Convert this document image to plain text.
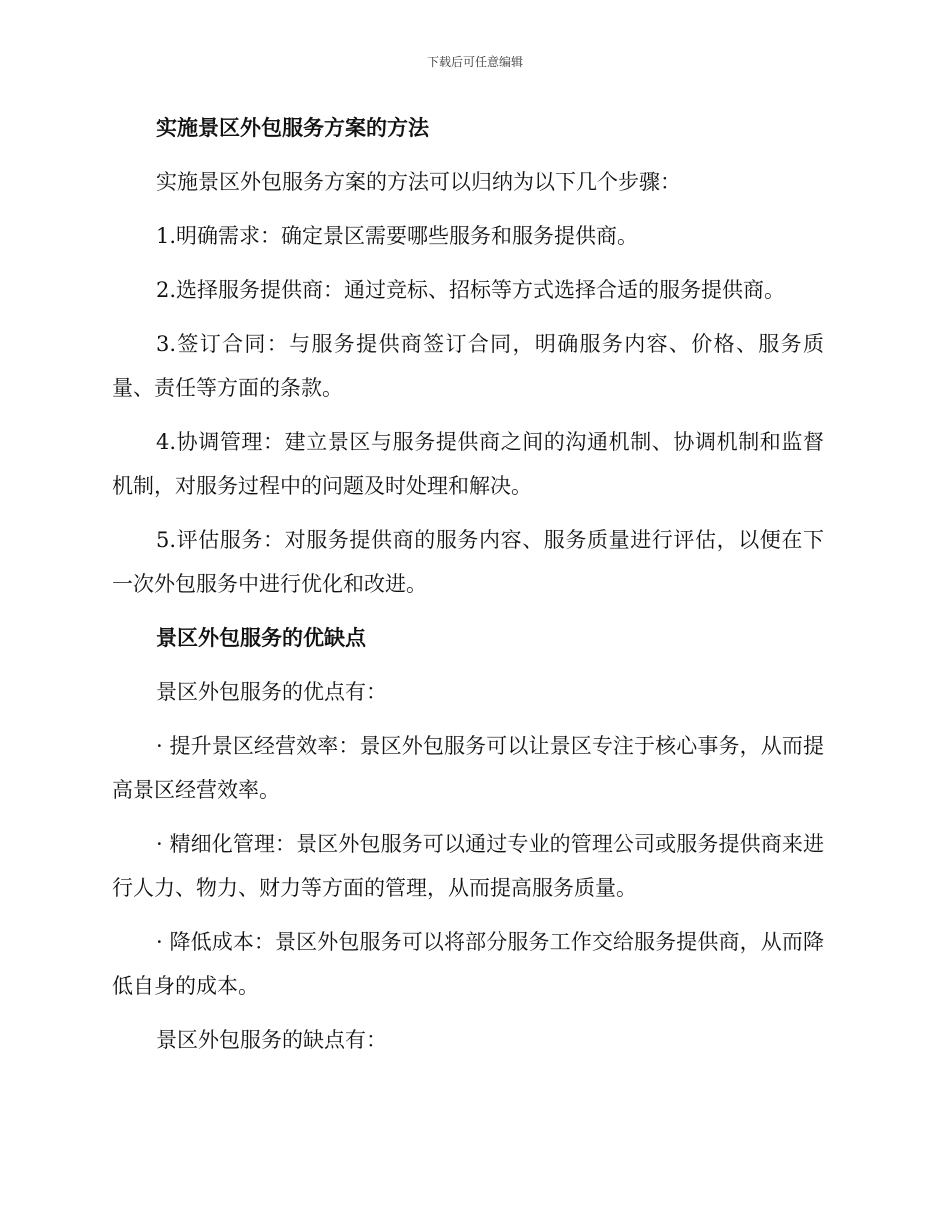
下载后可任意编辑
实施景区外包服务方案的方法

实施景区外包服务方案的方法可以归纳为以下几个步骤：

1.明确需求：确定景区需要哪些服务和服务提供商。

2.选择服务提供商：通过竞标、招标等方式选择合适的服务提供商。

3.签订合同：与服务提供商签订合同，明确服务内容、价格、服务质量、责任等方面的条款。

4.协调管理：建立景区与服务提供商之间的沟通机制、协调机制和监督机制，对服务过程中的问题及时处理和解决。

5.评估服务：对服务提供商的服务内容、服务质量进行评估，以便在下一次外包服务中进行优化和改进。

景区外包服务的优缺点

景区外包服务的优点有：

· 提升景区经营效率：景区外包服务可以让景区专注于核心事务，从而提高景区经营效率。

· 精细化管理：景区外包服务可以通过专业的管理公司或服务提供商来进行人力、物力、财力等方面的管理，从而提高服务质量。

· 降低成本：景区外包服务可以将部分服务工作交给服务提供商，从而降低自身的成本。

景区外包服务的缺点有：
